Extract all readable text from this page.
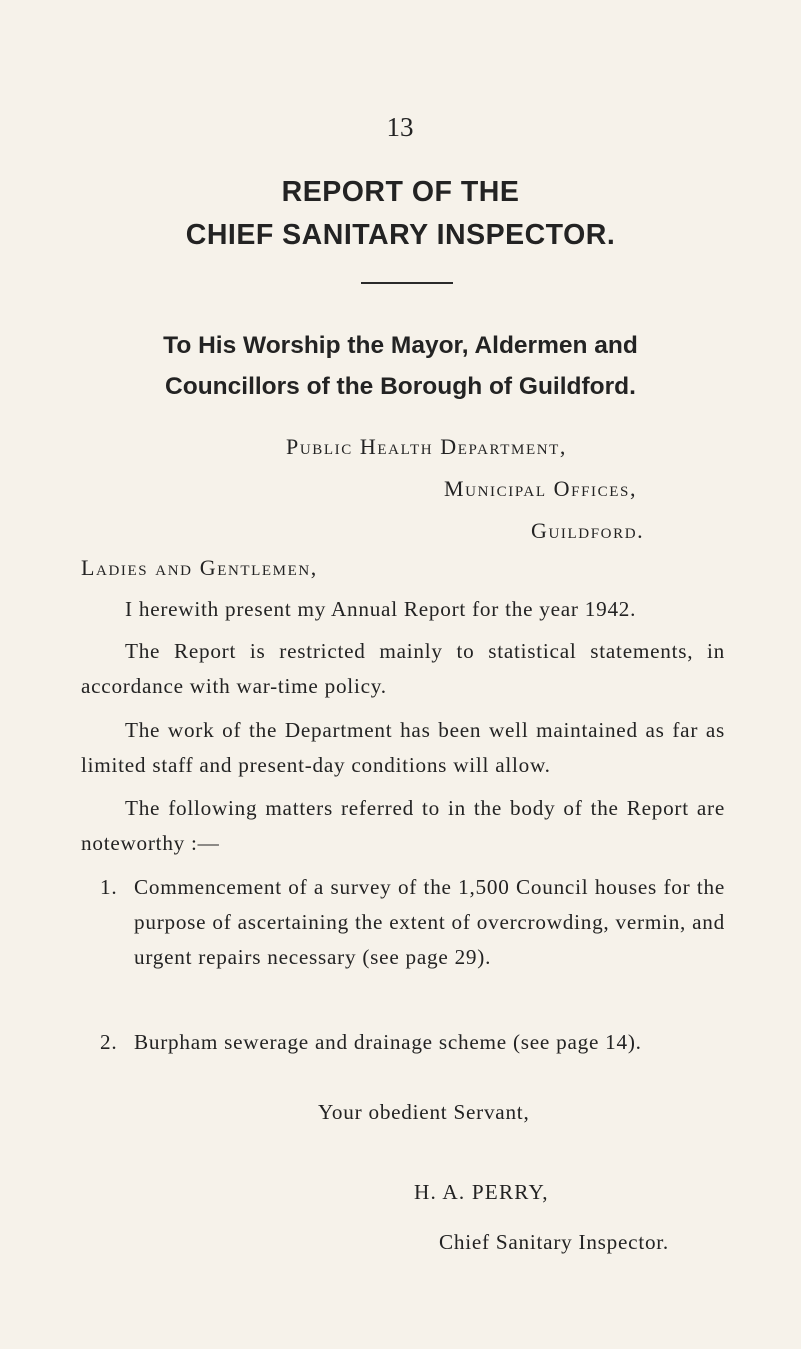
13
REPORT OF THE
CHIEF SANITARY INSPECTOR.
To His Worship the Mayor, Aldermen and
Councillors of the Borough of Guildford.
Public Health Department,
Municipal Offices,
Guildford.
Ladies and Gentlemen,

I herewith present my Annual Report for the year 1942.

The Report is restricted mainly to statistical statements, in accordance with war-time policy.

The work of the Department has been well maintained as far as limited staff and present-day conditions will allow.

The following matters referred to in the body of the Report are noteworthy :—

1. Commencement of a survey of the 1,500 Council houses for the purpose of ascertaining the extent of overcrowding, vermin, and urgent repairs necessary (see page 29).
2. Burpham sewerage and drainage scheme (see page 14).
Your obedient Servant,
H. A. PERRY,
Chief Sanitary Inspector.
